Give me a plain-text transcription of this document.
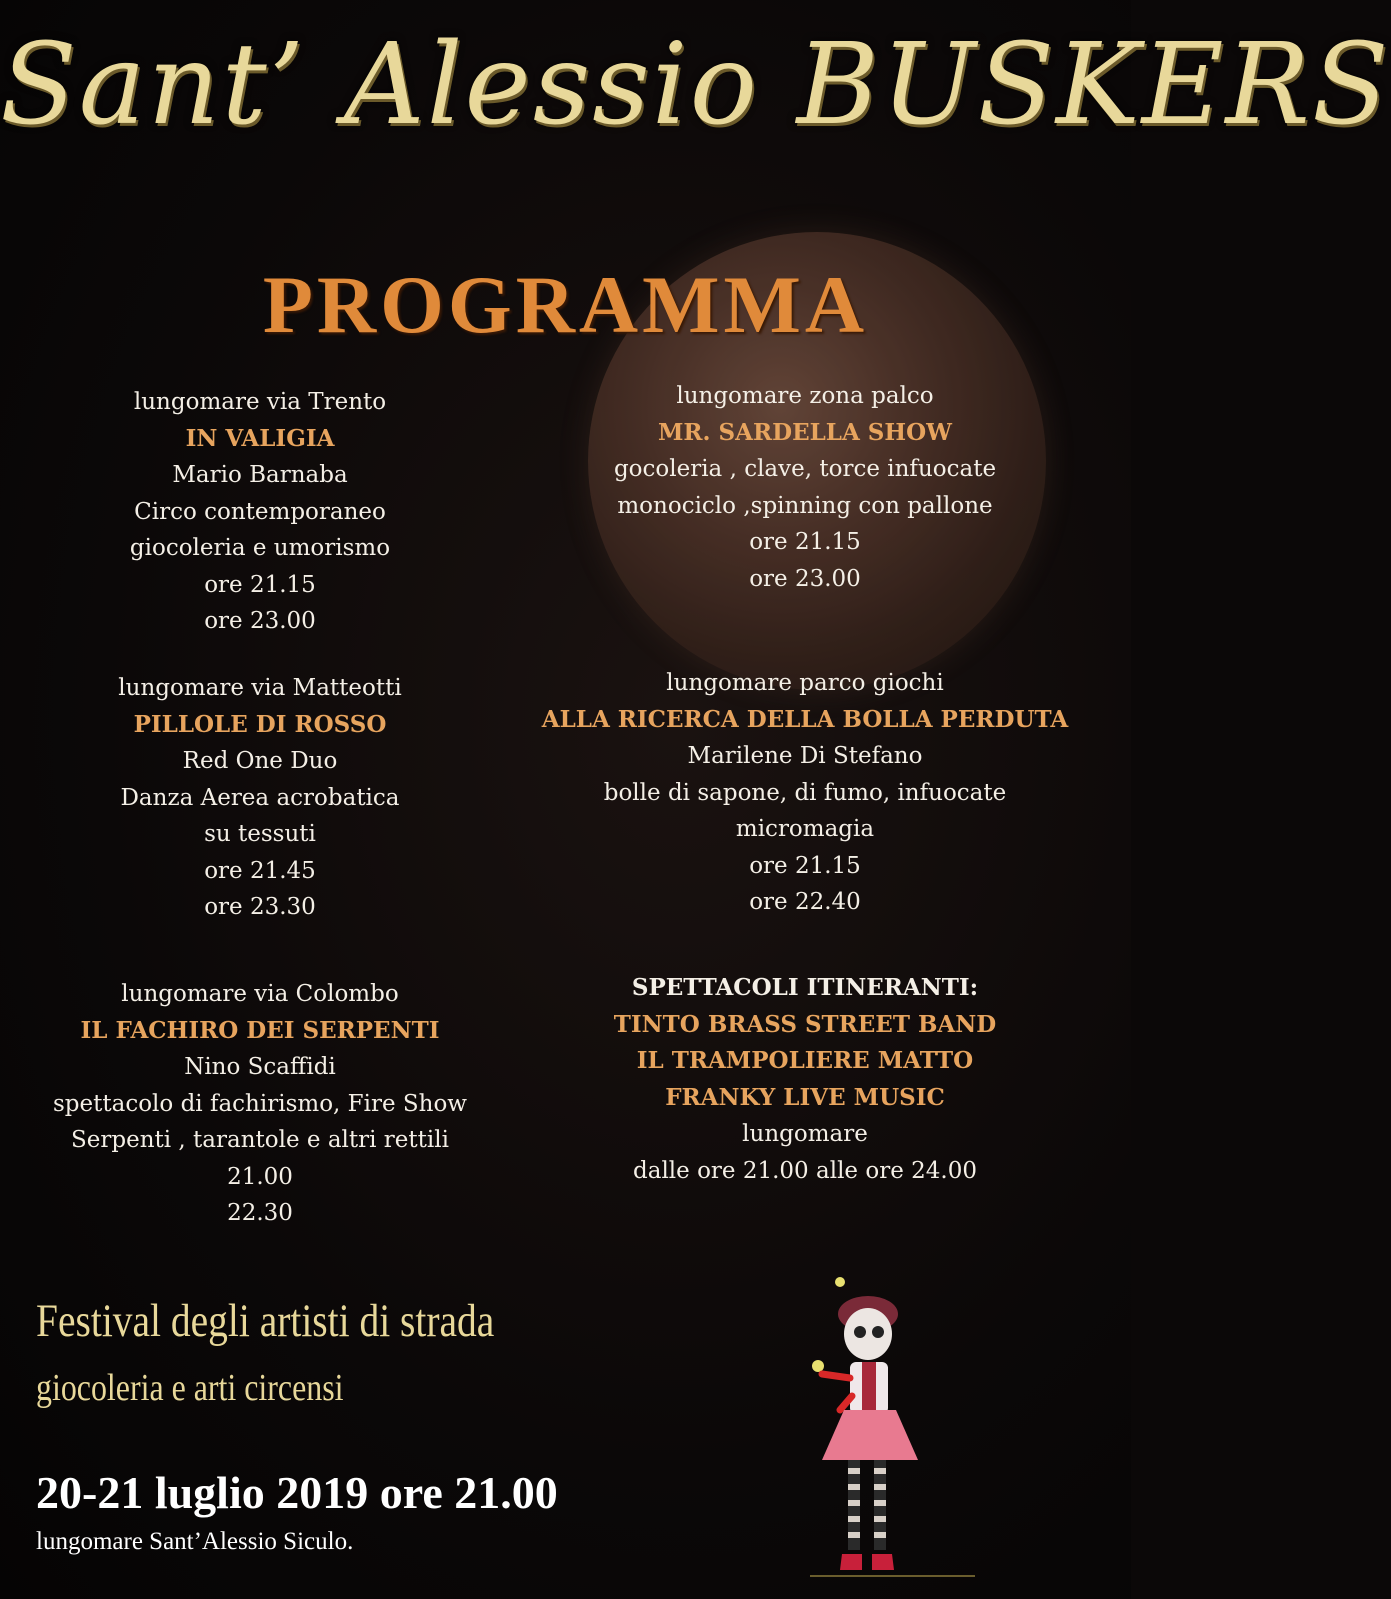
Sant’ Alessio BUSKERS
PROGRAMMA
lungomare via Trento
IN VALIGIA
Mario Barnaba
Circo contemporaneo
giocoleria e umorismo
ore 21.15
ore 23.00
lungomare zona palco
MR. SARDELLA SHOW
gocoleria , clave, torce infuocate
monociclo ,spinning con pallone
ore 21.15
ore 23.00
lungomare via Matteotti
PILLOLE DI ROSSO
Red One Duo
Danza Aerea acrobatica
su tessuti
ore 21.45
ore 23.30
lungomare parco giochi
ALLA RICERCA DELLA BOLLA PERDUTA
Marilene Di Stefano
bolle di sapone, di fumo, infuocate
micromagia
ore 21.15
ore 22.40
lungomare via Colombo
IL FACHIRO DEI SERPENTI
Nino Scaffidi
spettacolo di fachirismo, Fire Show
Serpenti , tarantole e altri rettili
21.00
22.30
SPETTACOLI ITINERANTI:
TINTO BRASS STREET BAND
IL TRAMPOLIERE MATTO
FRANKY LIVE MUSIC
lungomare
dalle ore 21.00 alle ore 24.00
Festival degli artisti di strada
giocoleria e arti circensi
20-21 luglio 2019 ore 21.00
lungomare Sant’Alessio Siculo.
